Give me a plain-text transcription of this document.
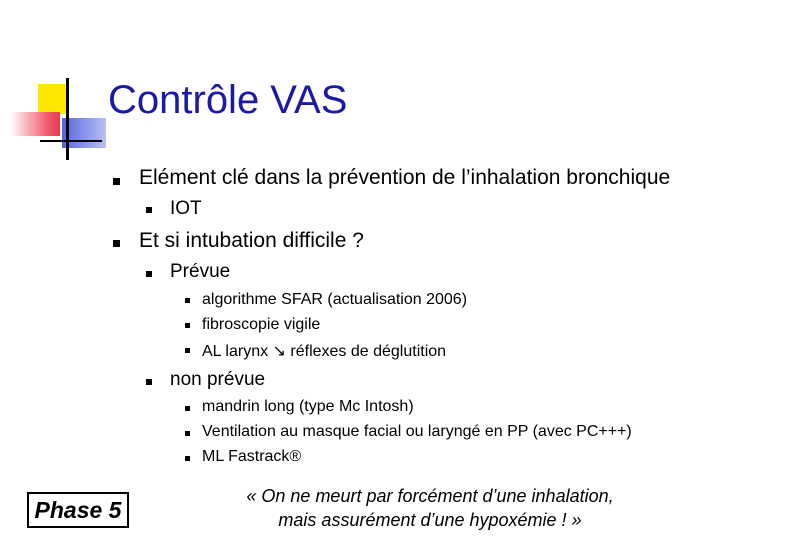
Contrôle VAS
Elément clé dans la prévention de l’inhalation bronchique
IOT
Et si intubation difficile ?
Prévue
algorithme SFAR (actualisation 2006)
fibroscopie vigile
AL larynx ↘ réflexes de déglutition
non prévue
mandrin long (type Mc Intosh)
Ventilation au masque facial ou laryngé en PP (avec PC+++)
ML Fastrack®
Phase 5
« On ne meurt par forcément d’une inhalation,
mais assurément d’une hypoxémie ! »
